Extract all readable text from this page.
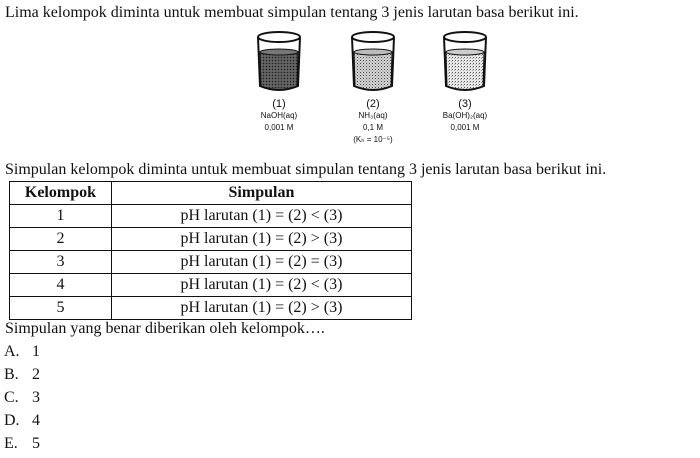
Lima kelompok diminta untuk membuat simpulan tentang 3 jenis larutan basa berikut ini.

(1)
NaOH(aq)
0,001 M
(2)
NH₃(aq)
0,1 M
(Kₕ = 10⁻⁵)
(3)
Ba(OH)₂(aq)
0,001 M

Simpulan kelompok diminta untuk membuat simpulan tentang 3 jenis larutan basa berikut ini.

Kelompok	Simpulan
1	pH larutan (1) = (2) < (3)
2	pH larutan (1) = (2) > (3)
3	pH larutan (1) = (2) = (3)
4	pH larutan (1) = (2) < (3)
5	pH larutan (1) = (2) > (3)

Simpulan yang benar diberikan oleh kelompok….

A. 1
B. 2
C. 3
D. 4
E. 5
